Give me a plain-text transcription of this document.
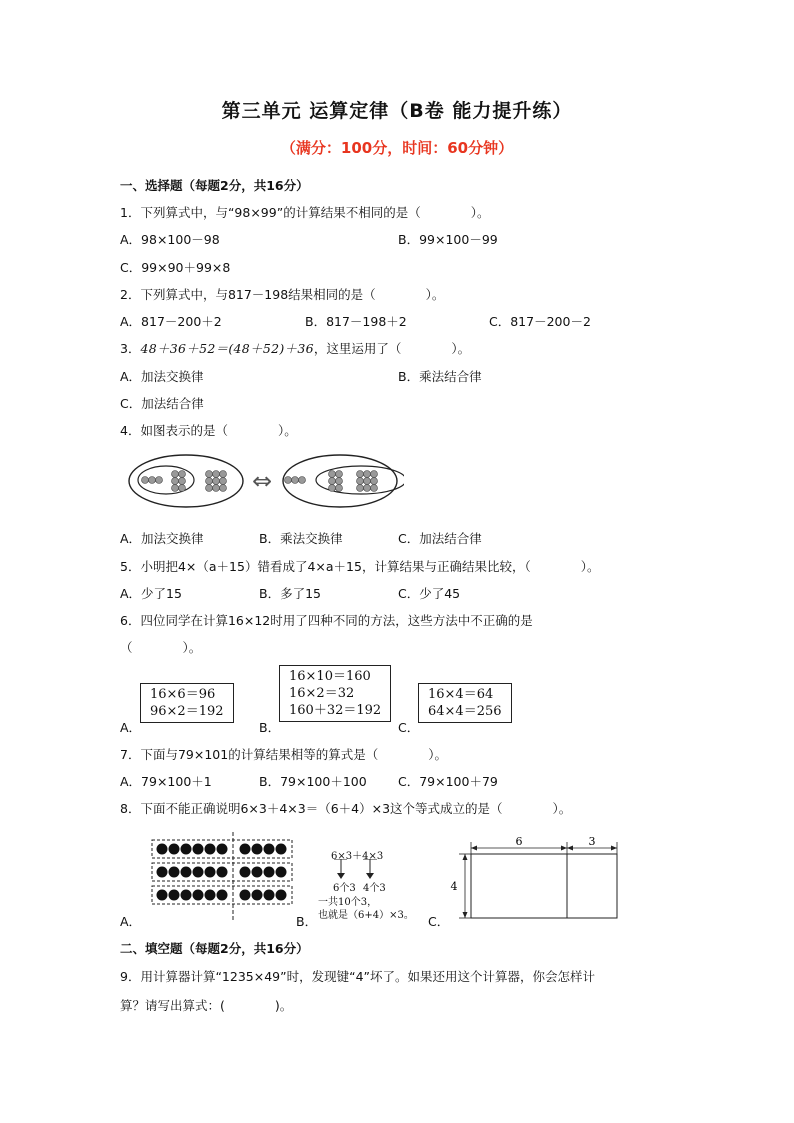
第三单元 运算定律（B卷 能力提升练）
（满分：100分，时间：60分钟）
一、选择题（每题2分，共16分）
1．下列算式中，与“98×99”的计算结果不相同的是（　　　　）。
A．98×100－98	B．99×100－99
C．99×90＋99×8
2．下列算式中，与817－198结果相同的是（　　　　）。
A．817－200＋2	B．817－198＋2	C．817－200－2
3．48＋36＋52＝(48＋52)＋36，这里运用了（　　　　）。
A．加法交换律	B．乘法结合律
C．加法结合律
4．如图表示的是（　　　　）。
⇔
A．加法交换律	B．乘法交换律	C．加法结合律
5．小明把4×（a＋15）错看成了4×a＋15，计算结果与正确结果比较，（　　　　）。
A．少了15	B．多了15	C．少了45
6．四位同学在计算16×12时用了四种不同的方法，这些方法中不正确的是
（　　　　）。
A．
16×6＝96
96×2＝192
B．
16×10＝160
16×2＝32
160＋32＝192
C．
16×4＝64
64×4＝256
7．下面与79×101的计算结果相等的算式是（　　　　）。
A．79×100＋1	B．79×100＋100	C．79×100＋79
8．下面不能正确说明6×3＋4×3＝（6＋4）×3这个等式成立的是（　　　　）。
A．	B．
6×3＋4×3
6个3 4个3
一共10个3，
也就是（6+4）×3。 C．
6	3
4
二、填空题（每题2分，共16分）
9．用计算器计算“1235×49”时，发现键“4”坏了。如果还用这个计算器，你会怎样计
算？请写出算式：(　　　　)。
